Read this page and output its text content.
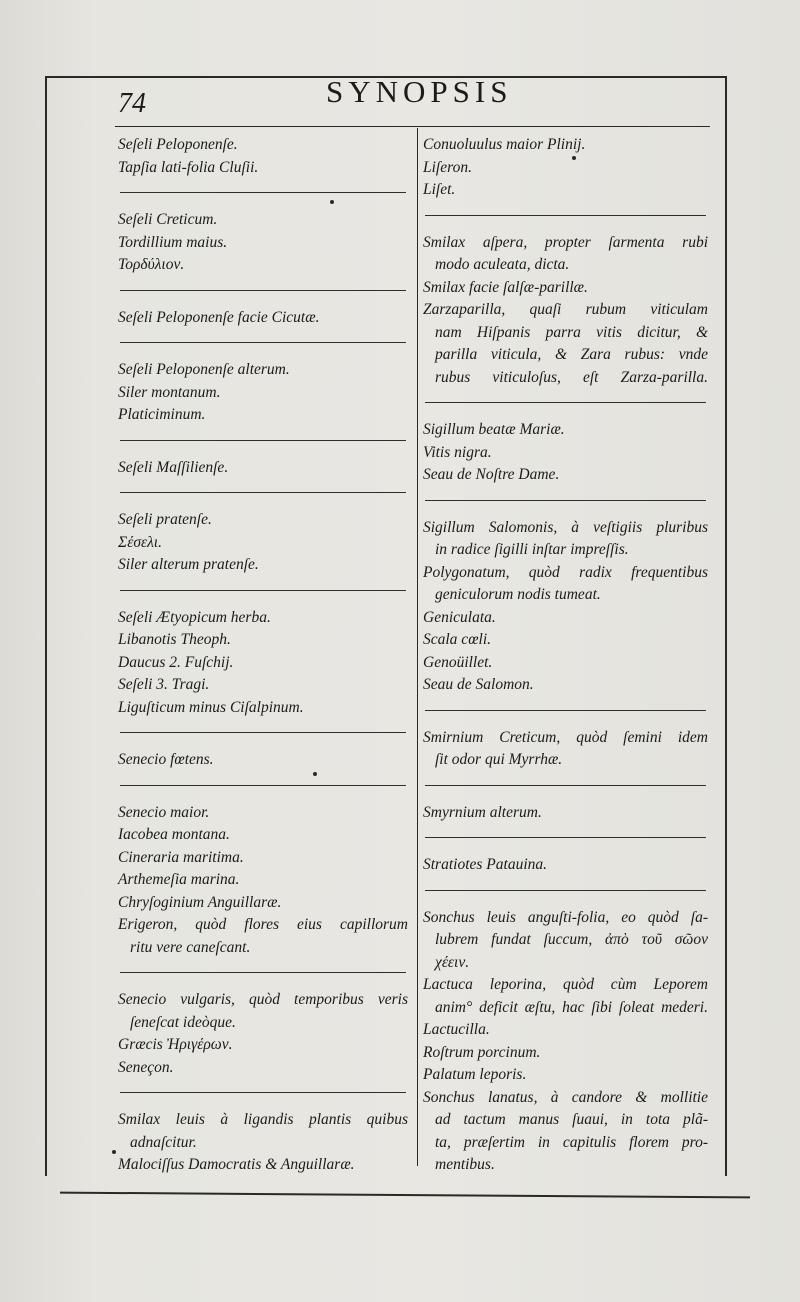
74	SYNOPSIS
Seſeli Peloponenſe.
Tapſia lati-folia Cluſii.
Seſeli Creticum.
Tordillium maius.
Τορδύλιον.
Seſeli Peloponenſe facie Cicutæ.
Seſeli Peloponenſe alterum.
Siler montanum.
Platiciminum.
Seſeli Maſſilienſe.
Seſeli pratenſe.
Σέσελι.
Siler alterum pratenſe.
Seſeli Ætyopicum herba.
Libanotis Theoph.
Daucus 2. Fuſchij.
Seſeli 3. Tragi.
Liguſticum minus Ciſalpinum.
Senecio fœtens.
Senecio maior.
Iacobea montana.
Cineraria maritima.
Arthemeſia marina.
Chryſoginium Anguillaræ.
Erigeron, quòd flores eius capillorum
ritu vere caneſcant.
Senecio vulgaris, quòd temporibus veris
ſeneſcat ideòque.
Græcis Ἠριγέρων.
Seneçon.
Smilax leuis à ligandis plantis quibus
adnaſcitur.
Malociſſus Damocratis & Anguillaræ.
Conuoluulus maior Plinij.
Liſeron.
Liſet.
Smilax aſpera, propter ſarmenta rubi
modo aculeata, dicta.
Smilax facie ſalſæ-parillæ.
Zarzaparilla, quaſi rubum viticulam
nam Hiſpanis parra vitis dicitur, &
parilla viticula, & Zara rubus: vnde
rubus viticuloſus, eſt Zarza-parilla.
Sigillum beatæ Mariæ.
Vitis nigra.
Seau de Noſtre Dame.
Sigillum Salomonis, à veſtigiis pluribus
in radice ſigilli inſtar impreſſis.
Polygonatum, quòd radix frequentibus
geniculorum nodis tumeat.
Geniculata.
Scala cœli.
Genoüillet.
Seau de Salomon.
Smirnium Creticum, quòd ſemini idem
ſit odor qui Myrrhæ.
Smyrnium alterum.
Stratiotes Patauina.
Sonchus leuis anguſti-folia, eo quòd ſa-
lubrem fundat ſuccum, ἀπὸ τοῦ σῶον
χέειν.
Lactuca leporina, quòd cùm Leporem
anim° deficit æſtu, hac ſibi ſoleat mederi.
Lactucilla.
Roſtrum porcinum.
Palatum leporis.
Sonchus lanatus, à candore & mollitie
ad tactum manus ſuaui, in tota plã-
ta, præſertim in capitulis florem pro-
mentibus.
